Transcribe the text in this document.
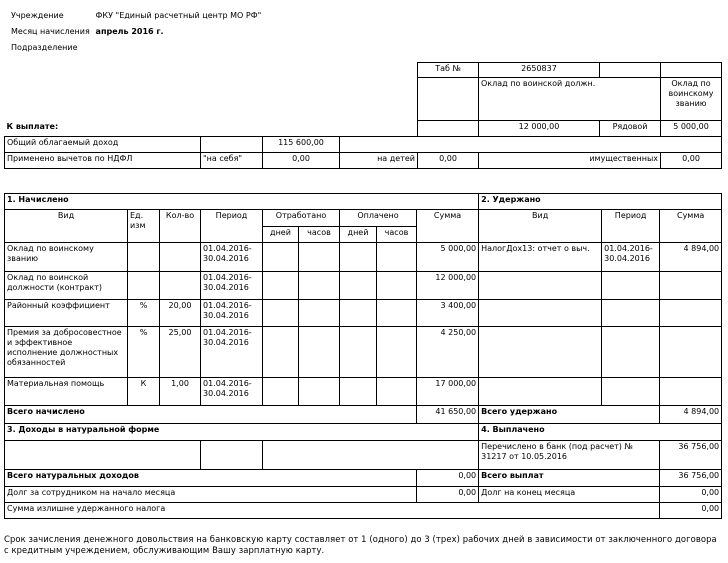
Учреждение	ФКУ "Единый расчетный центр МО РФ"
Месяц начисления апрель 2016 г.
Подразделение
				Таб №	2650837		
					Оклад по воинской должн.		Оклад по воинскому званию
К выплате:					12 000,00	Рядовой	5 000,00
Общий облагаемый доход		115 600,00					
Применено вычетов по НДФЛ	"на себя"	0,00	на детей	0,00	имущественных		0,00
1. Начислено									2. Удержано		
Вид	Ед. изм	Кол-во	Период	Отработано		Оплачено		Сумма	Вид	Период	Сумма
				дней	часов	дней	часов				
Оклад по воинскому званию			01.04.2016-30.04.2016					5 000,00	НалогДох13: отчет о выч.	01.04.2016-30.04.2016	4 894,00
Оклад по воинской должности (контракт)			01.04.2016-30.04.2016					12 000,00			
Районный коэффициент	%	20,00	01.04.2016-30.04.2016					3 400,00			
Премия за добросовестное и эффективное исполнение должностных обязанностей	%	25,00	01.04.2016-30.04.2016					4 250,00			
Материальная помощь	К	1,00	01.04.2016-30.04.2016					17 000,00			
Всего начислено								41 650,00	Всего удержано		4 894,00
3. Доходы в натуральной форме									4. Выплачено		
									Перечислено в банк (под расчет) № 31217 от 10.05.2016		36 756,00
Всего натуральных доходов								0,00	Всего выплат		36 756,00
Долг за сотрудником на начало месяца								0,00	Долг на конец месяца		0,00
Сумма излишне удержанного налога											0,00
Срок зачисления денежного довольствия на банковскую карту составляет от 1 (одного) до 3 (трех) рабочих дней в зависимости от заключенного договора с кредитным учреждением, обслуживающим Вашу зарплатную карту.
